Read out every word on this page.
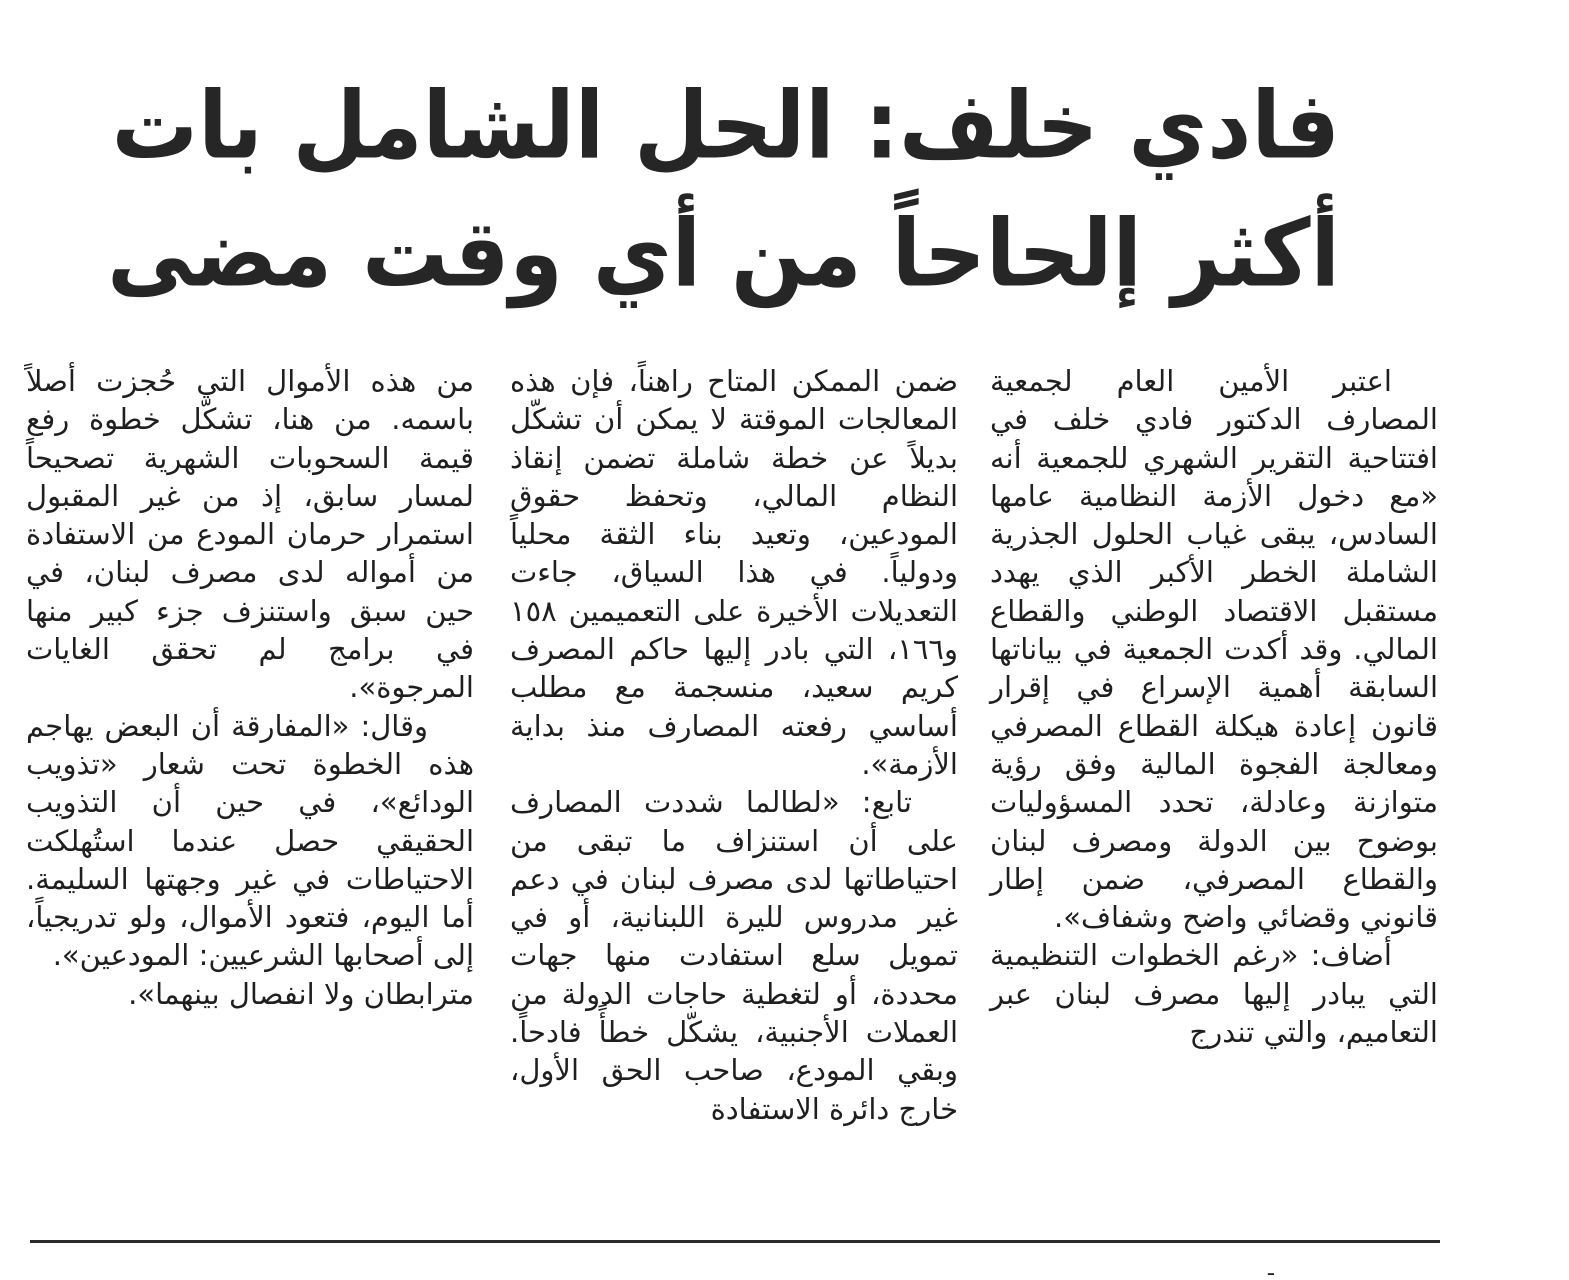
فادي خلف: الحل الشامل بات
أكثر إلحاحاً من أي وقت مضى

اعتبر الأمين العام لجمعية المصارف الدكتور فادي خلف في افتتاحية التقرير الشهري للجمعية أنه «مع دخول الأزمة النظامية عامها السادس، يبقى غياب الحلول الجذرية الشاملة الخطر الأكبر الذي يهدد مستقبل الاقتصاد الوطني والقطاع المالي. وقد أكدت الجمعية في بياناتها السابقة أهمية الإسراع في إقرار قانون إعادة هيكلة القطاع المصرفي ومعالجة الفجوة المالية وفق رؤية متوازنة وعادلة، تحدد المسؤوليات بوضوح بين الدولة ومصرف لبنان والقطاع المصرفي، ضمن إطار قانوني وقضائي واضح وشفاف».

أضاف: «رغم الخطوات التنظيمية التي يبادر إليها مصرف لبنان عبر التعاميم، والتي تندرج

ضمن الممكن المتاح راهناً، فإن هذه المعالجات الموقتة لا يمكن أن تشكّل بديلاً عن خطة شاملة تضمن إنقاذ النظام المالي، وتحفظ حقوق المودعين، وتعيد بناء الثقة محلياً ودولياً. في هذا السياق، جاءت التعديلات الأخيرة على التعميمين ١٥٨ و١٦٦، التي بادر إليها حاكم المصرف كريم سعيد، منسجمة مع مطلب أساسي رفعته المصارف منذ بداية الأزمة».

تابع: «لطالما شددت المصارف على أن استنزاف ما تبقى من احتياطاتها لدى مصرف لبنان في دعم غير مدروس لليرة اللبنانية، أو في تمويل سلع استفادت منها جهات محددة، أو لتغطية حاجات الدولة من العملات الأجنبية، يشكّل خطأً فادحاً. وبقي المودع، صاحب الحق الأول، خارج دائرة الاستفادة

من هذه الأموال التي حُجزت أصلاً باسمه. من هنا، تشكّل خطوة رفع قيمة السحوبات الشهرية تصحيحاً لمسار سابق، إذ من غير المقبول استمرار حرمان المودع من الاستفادة من أمواله لدى مصرف لبنان، في حين سبق واستنزف جزء كبير منها في برامج لم تحقق الغايات المرجوة».

وقال: «المفارقة أن البعض يهاجم هذه الخطوة تحت شعار «تذويب الودائع»، في حين أن التذويب الحقيقي حصل عندما استُهلكت الاحتياطات في غير وجهتها السليمة. أما اليوم، فتعود الأموال، ولو تدريجياً، إلى أصحابها الشرعيين: المودعين».

مترابطان ولا انفصال بينهما».

ـ
